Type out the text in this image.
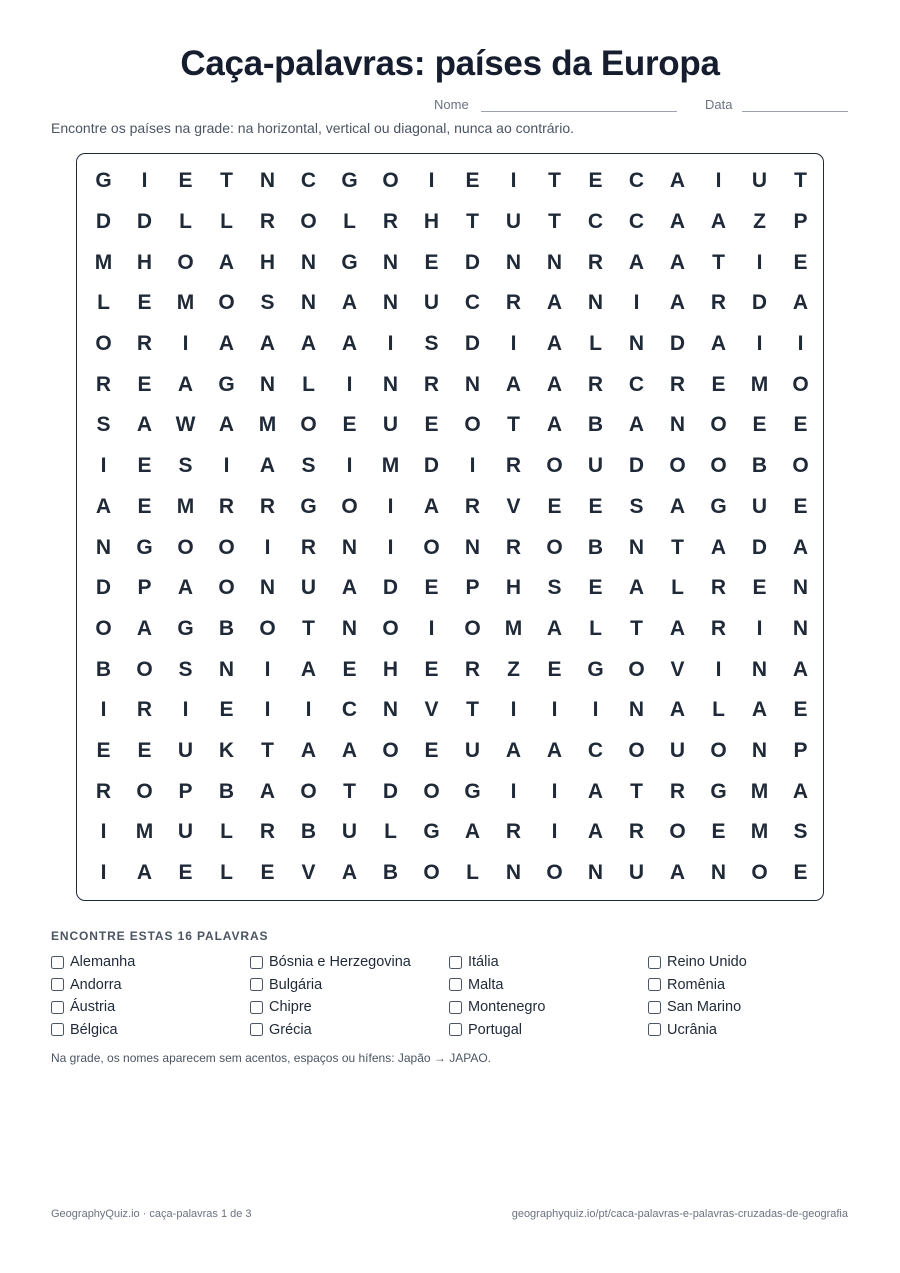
Caça-palavras: países da Europa
Nome	Data
Encontre os países na grade: na horizontal, vertical ou diagonal, nunca ao contrário.
G	I	E	T	N	C	G	O	I	E	I	T	E	C	A	I	U	T
D	D	L	L	R	O	L	R	H	T	U	T	C	C	A	A	Z	P
M	H	O	A	H	N	G	N	E	D	N	N	R	A	A	T	I	E
L	E	M	O	S	N	A	N	U	C	R	A	N	I	A	R	D	A
O	R	I	A	A	A	A	I	S	D	I	A	L	N	D	A	I	I
R	E	A	G	N	L	I	N	R	N	A	A	R	C	R	E	M	O
S	A	W	A	M	O	E	U	E	O	T	A	B	A	N	O	E	E
I	E	S	I	A	S	I	M	D	I	R	O	U	D	O	O	B	O
A	E	M	R	R	G	O	I	A	R	V	E	E	S	A	G	U	E
N	G	O	O	I	R	N	I	O	N	R	O	B	N	T	A	D	A
D	P	A	O	N	U	A	D	E	P	H	S	E	A	L	R	E	N
O	A	G	B	O	T	N	O	I	O	M	A	L	T	A	R	I	N
B	O	S	N	I	A	E	H	E	R	Z	E	G	O	V	I	N	A
I	R	I	E	I	I	C	N	V	T	I	I	I	N	A	L	A	E
E	E	U	K	T	A	A	O	E	U	A	A	C	O	U	O	N	P
R	O	P	B	A	O	T	D	O	G	I	I	A	T	R	G	M	A
I	M	U	L	R	B	U	L	G	A	R	I	A	R	O	E	M	S
I	A	E	L	E	V	A	B	O	L	N	O	N	U	A	N	O	E
ENCONTRE ESTAS 16 PALAVRAS
Alemanha
Andorra
Áustria
Bélgica
Bósnia e Herzegovina
Bulgária
Chipre
Grécia
Itália
Malta
Montenegro
Portugal
Reino Unido
Romênia
San Marino
Ucrânia
Na grade, os nomes aparecem sem acentos, espaços ou hífens: Japão → JAPAO.
GeographyQuiz.io · caça-palavras 1 de 3	geographyquiz.io/pt/caca-palavras-e-palavras-cruzadas-de-geografia
